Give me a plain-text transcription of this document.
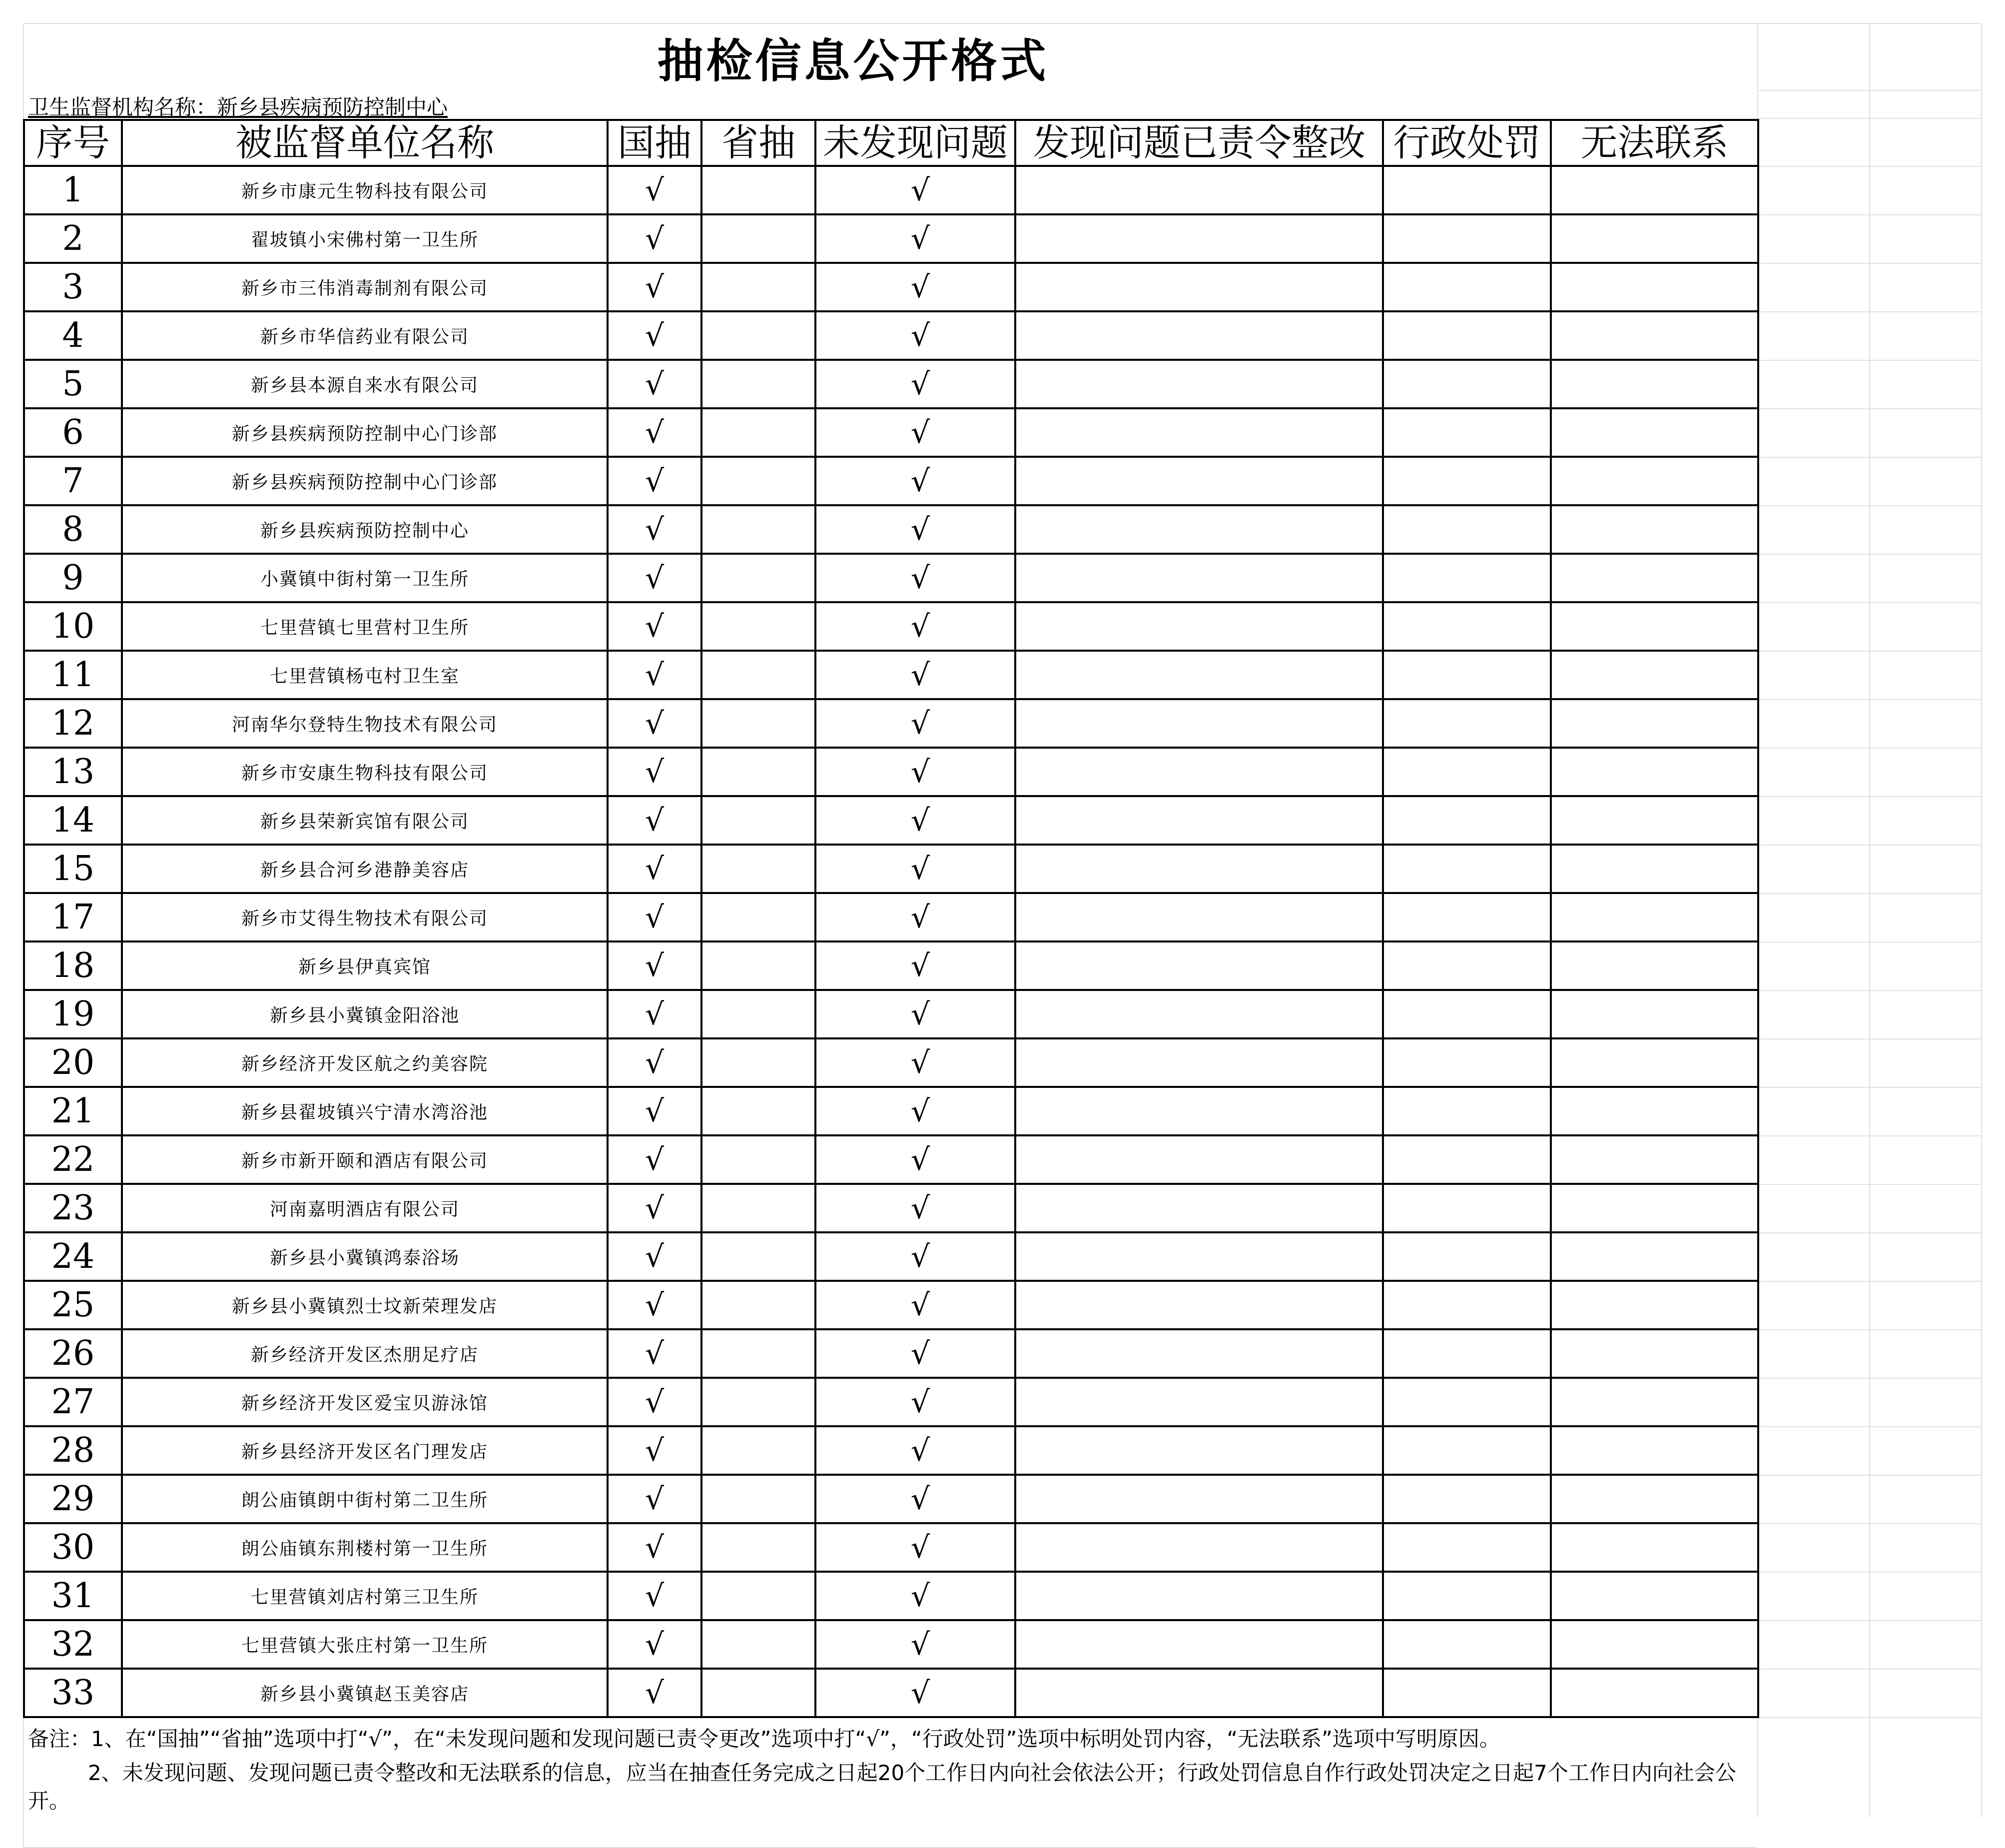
抽检信息公开格式
卫生监督机构名称：新乡县疾病预防控制中心
序号	被监督单位名称	国抽	省抽	未发现问题	发现问题已责令整改	行政处罚	无法联系
1	新乡市康元生物科技有限公司	√		√			
2	翟坡镇小宋佛村第一卫生所	√		√			
3	新乡市三伟消毒制剂有限公司	√		√			
4	新乡市华信药业有限公司	√		√			
5	新乡县本源自来水有限公司	√		√			
6	新乡县疾病预防控制中心门诊部	√		√			
7	新乡县疾病预防控制中心门诊部	√		√			
8	新乡县疾病预防控制中心	√		√			
9	小冀镇中街村第一卫生所	√		√			
10	七里营镇七里营村卫生所	√		√			
11	七里营镇杨屯村卫生室	√		√			
12	河南华尔登特生物技术有限公司	√		√			
13	新乡市安康生物科技有限公司	√		√			
14	新乡县荣新宾馆有限公司	√		√			
15	新乡县合河乡港静美容店	√		√			
17	新乡市艾得生物技术有限公司	√		√			
18	新乡县伊真宾馆	√		√			
19	新乡县小冀镇金阳浴池	√		√			
20	新乡经济开发区航之约美容院	√		√			
21	新乡县翟坡镇兴宁清水湾浴池	√		√			
22	新乡市新开颐和酒店有限公司	√		√			
23	河南嘉明酒店有限公司	√		√			
24	新乡县小冀镇鸿泰浴场	√		√			
25	新乡县小冀镇烈士坟新荣理发店	√		√			
26	新乡经济开发区杰朋足疗店	√		√			
27	新乡经济开发区爱宝贝游泳馆	√		√			
28	新乡县经济开发区名门理发店	√		√			
29	朗公庙镇朗中街村第二卫生所	√		√			
30	朗公庙镇东荆楼村第一卫生所	√		√			
31	七里营镇刘店村第三卫生所	√		√			
32	七里营镇大张庄村第一卫生所	√		√			
33	新乡县小冀镇赵玉美容店	√		√			

备注：1、在“国抽”“省抽”选项中打“√”，在“未发现问题和发现问题已责令更改”选项中打“√”，“行政处罚”选项中标明处罚内容，“无法联系”选项中写明原因。

2、未发现问题、发现问题已责令整改和无法联系的信息，应当在抽查任务完成之日起20个工作日内向社会依法公开；行政处罚信息自作行政处罚决定之日起7个工作日内向社会公开。
